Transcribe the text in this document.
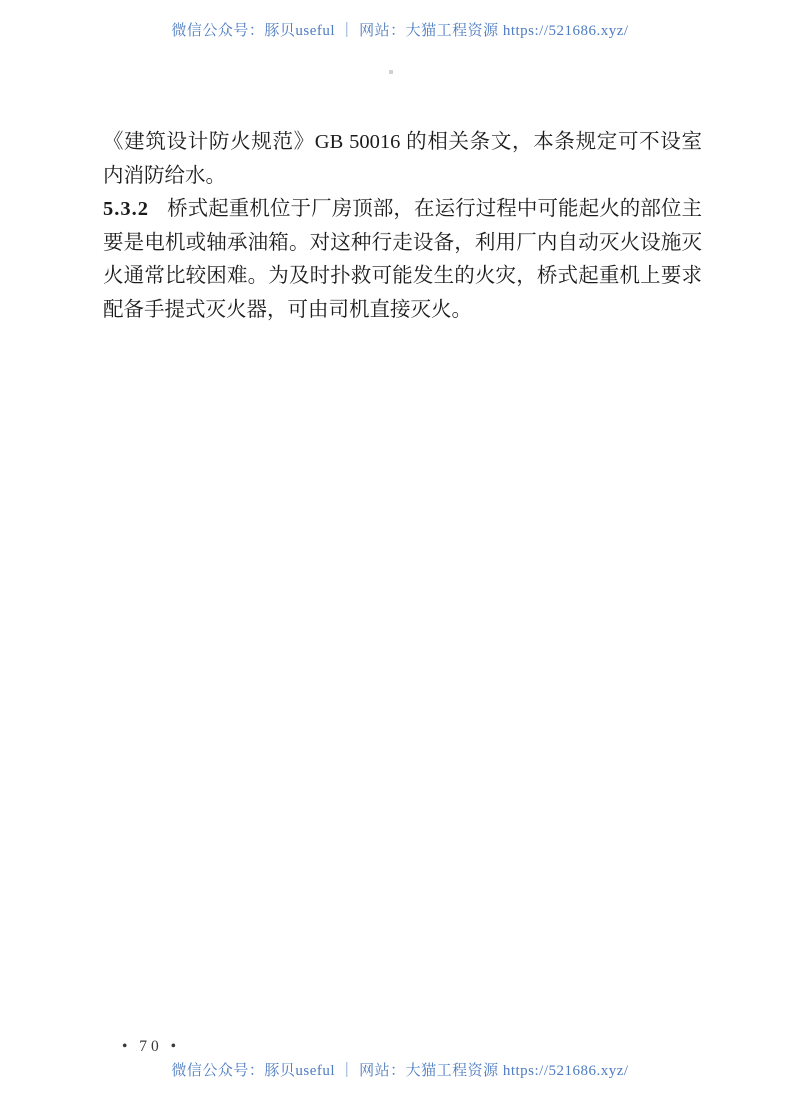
微信公众号：豚贝useful ｜ 网站：大猫工程资源 https://521686.xyz/

《建筑设计防火规范》GB 50016 的相关条文，本条规定可不设室内消防给水。

5.3.2 桥式起重机位于厂房顶部，在运行过程中可能起火的部位主要是电机或轴承油箱。对这种行走设备，利用厂内自动灭火设施灭火通常比较困难。为及时扑救可能发生的火灾，桥式起重机上要求配备手提式灭火器，可由司机直接灭火。

• 70 •
微信公众号：豚贝useful ｜ 网站：大猫工程资源 https://521686.xyz/
